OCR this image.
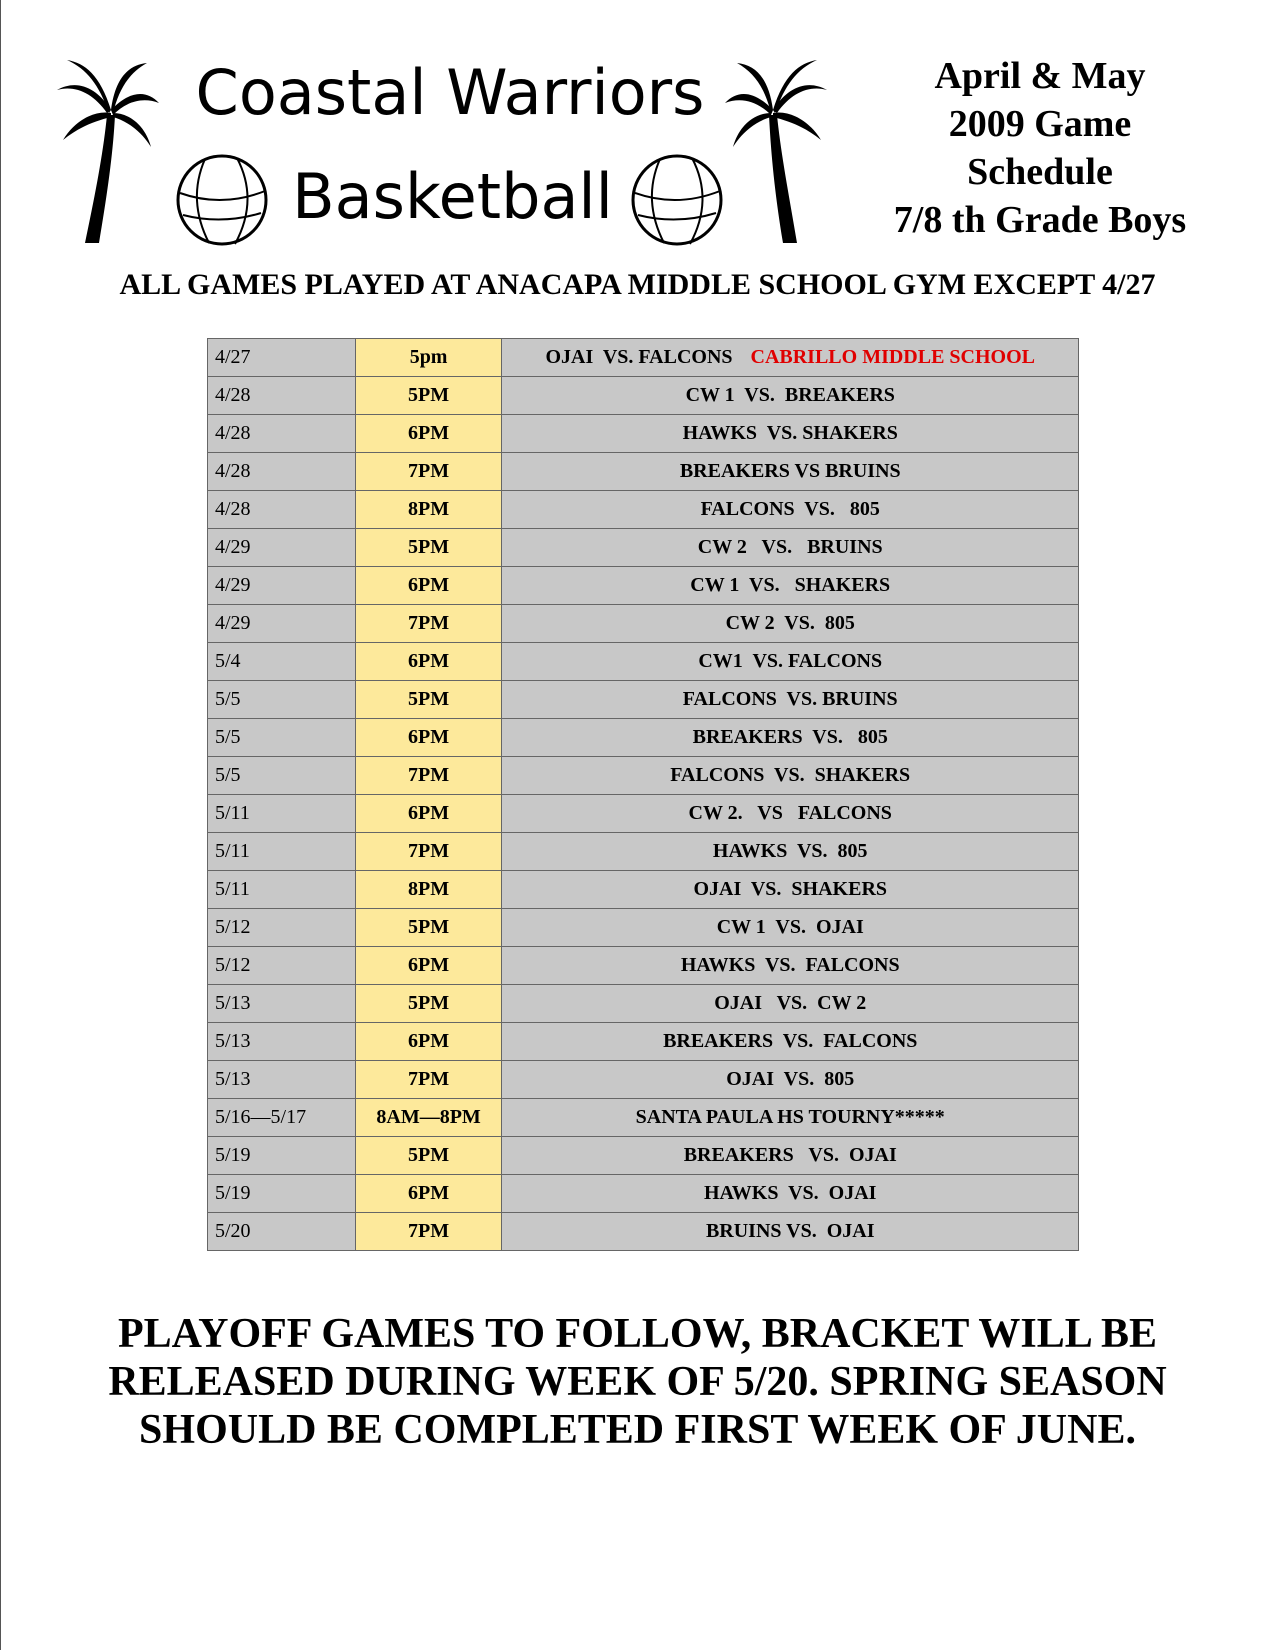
Coastal Warriors
Basketball
April & May
2009 Game
Schedule
7/8 th Grade Boys
ALL GAMES PLAYED AT ANACAPA MIDDLE SCHOOL GYM EXCEPT 4/27
4/27	5pm	OJAI  VS. FALCONS CABRILLO MIDDLE SCHOOL
4/28	5PM	CW 1  VS.  BREAKERS
4/28	6PM	HAWKS  VS. SHAKERS
4/28	7PM	BREAKERS VS BRUINS
4/28	8PM	FALCONS  VS.   805
4/29	5PM	CW 2   VS.   BRUINS
4/29	6PM	CW 1  VS.   SHAKERS
4/29	7PM	CW 2  VS.  805
5/4	6PM	CW1  VS. FALCONS
5/5	5PM	FALCONS  VS. BRUINS
5/5	6PM	BREAKERS  VS.   805
5/5	7PM	FALCONS  VS.  SHAKERS
5/11	6PM	CW 2.   VS   FALCONS
5/11	7PM	HAWKS  VS.  805
5/11	8PM	OJAI  VS.  SHAKERS
5/12	5PM	CW 1  VS.  OJAI
5/12	6PM	HAWKS  VS.  FALCONS
5/13	5PM	OJAI   VS.  CW 2
5/13	6PM	BREAKERS  VS.  FALCONS
5/13	7PM	OJAI  VS.  805
5/16—5/17	8AM—8PM	SANTA PAULA HS TOURNY*****
5/19	5PM	BREAKERS   VS.  OJAI
5/19	6PM	HAWKS  VS.  OJAI
5/20	7PM	BRUINS VS.  OJAI
PLAYOFF GAMES TO FOLLOW, BRACKET WILL BE
RELEASED DURING WEEK OF 5/20. SPRING SEASON
SHOULD BE COMPLETED FIRST WEEK OF JUNE.
